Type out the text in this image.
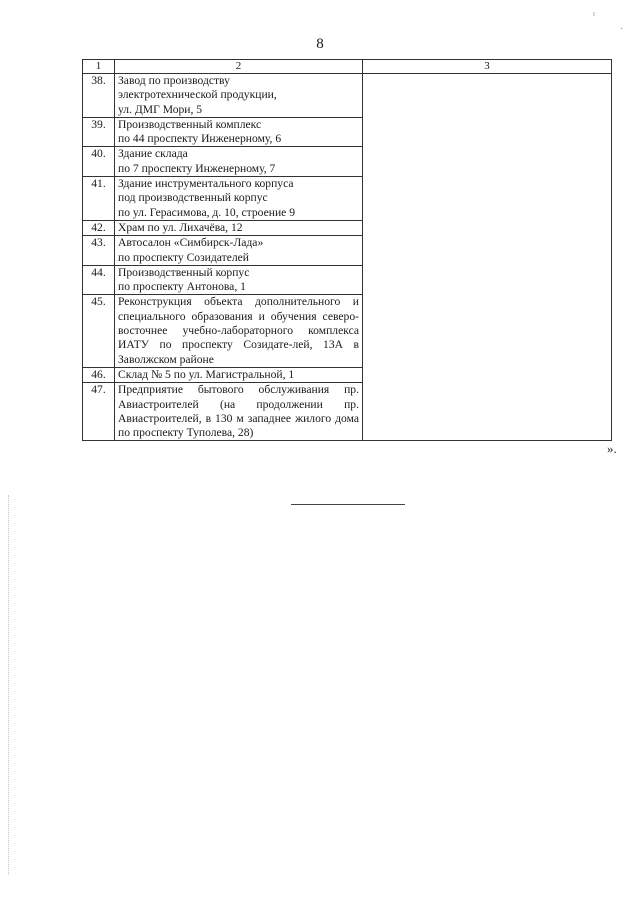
8
1	2	3
38.	Завод по производству
электротехнической продукции,
ул. ДМГ Мори, 5	

39.	Производственный комплекс
по 44 проспекту Инженерному, 6	

40.	Здание склада
по 7 проспекту Инженерному, 7	

41.	Здание инструментального корпуса
под производственный корпус
по ул. Герасимова, д. 10, строение 9	

42.	Храм по ул. Лихачёва, 12	

43.	Автосалон «Симбирск-Лада»
по проспекту Созидателей	

44.	Производственный корпус
по проспекту Антонова, 1	

45.	Реконструкция объекта дополнительного и специального образования и обучения северо-восточнее учебно-лабораторного комплекса ИАТУ по проспекту Созидате-лей, 13А в Заволжском районе	
46.	Склад № 5 по ул. Магистральной, 1	

47.	Предприятие бытового обслуживания пр. Авиастроителей (на продолжении пр. Авиастроителей, в 130 м западнее жилого дома по проспекту Туполева, 28)	
».
ᵋ
·
